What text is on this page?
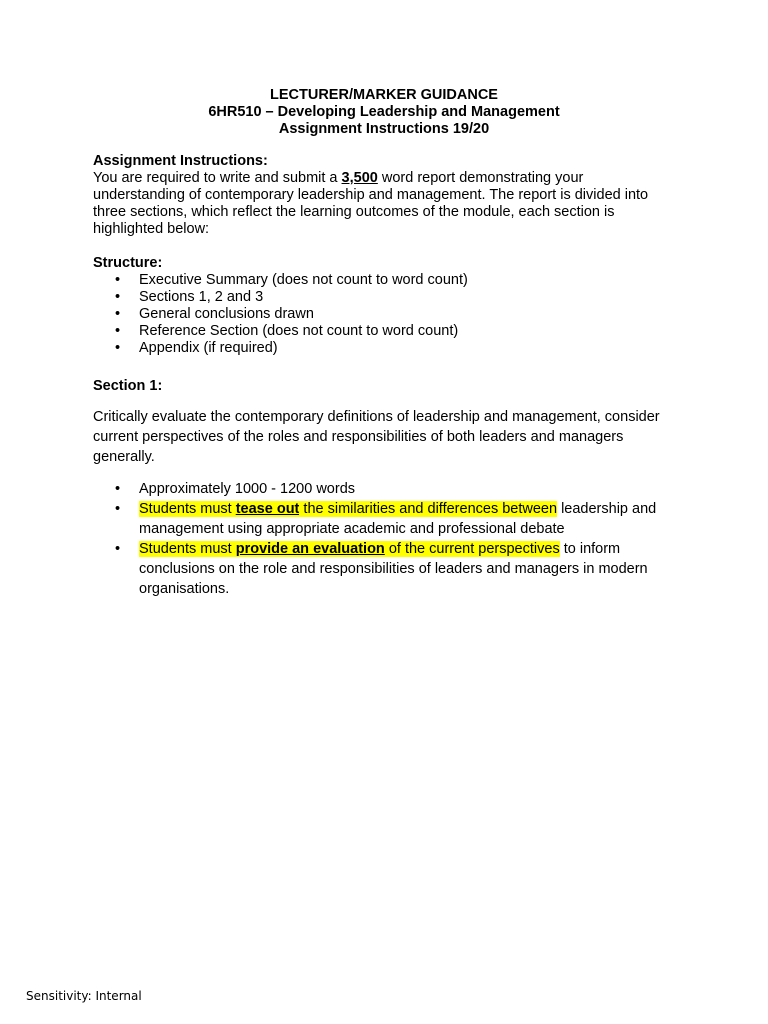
LECTURER/MARKER GUIDANCE
6HR510 – Developing Leadership and Management
Assignment Instructions 19/20
Assignment Instructions:
You are required to write and submit a 3,500 word report demonstrating your understanding of contemporary leadership and management. The report is divided into three sections, which reflect the learning outcomes of the module, each section is highlighted below:
Structure:
• Executive Summary (does not count to word count)
• Sections 1, 2 and 3
• General conclusions drawn
• Reference Section (does not count to word count)
• Appendix (if required)
Section 1:
Critically evaluate the contemporary definitions of leadership and management, consider current perspectives of the roles and responsibilities of both leaders and managers generally.
• Approximately 1000 - 1200 words
• Students must tease out the similarities and differences between leadership and management using appropriate academic and professional debate
• Students must provide an evaluation of the current perspectives to inform conclusions on the role and responsibilities of leaders and managers in modern organisations.
Sensitivity: Internal
